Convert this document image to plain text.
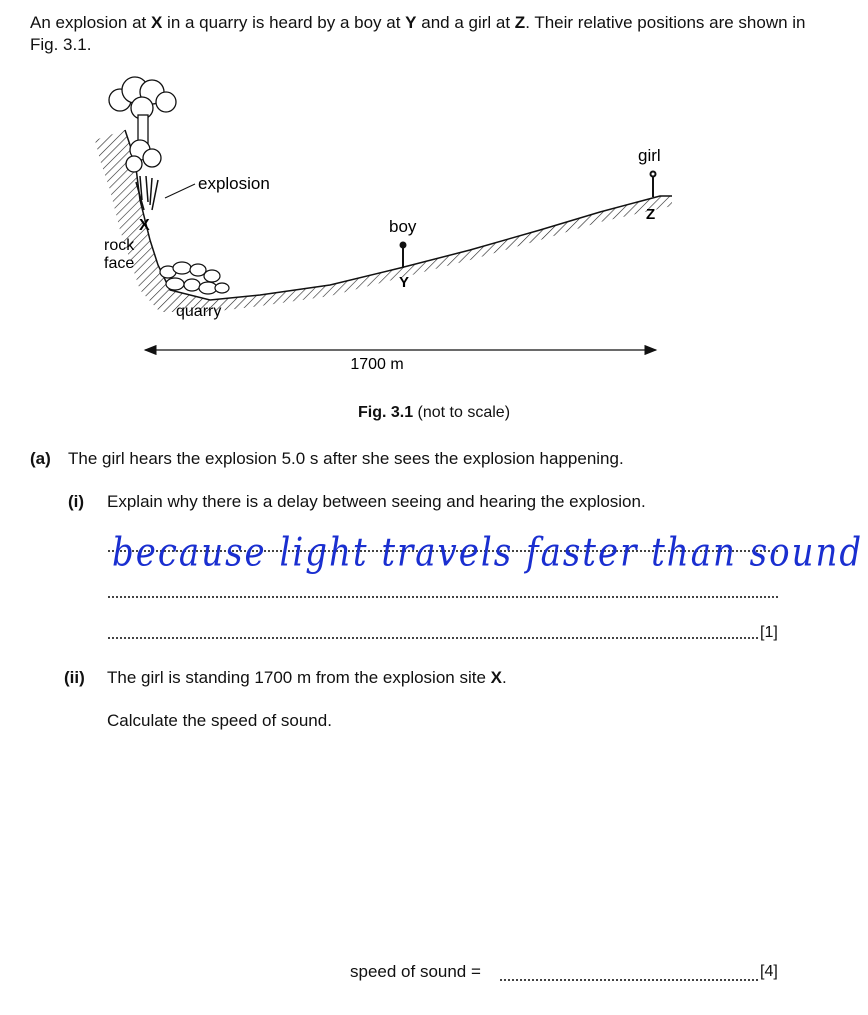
An explosion at X in a quarry is heard by a boy at Y and a girl at Z. Their relative positions are shown in Fig. 3.1.
explosion
X
rock
face
quarry
boy
Y
girl
Z
1700 m
Fig. 3.1 (not to scale)
(a) The girl hears the explosion 5.0 s after she sees the explosion happening.
(i) Explain why there is a delay between seeing and hearing the explosion.
[1]
because light travels faster than sound
(ii) The girl is standing 1700 m from the explosion site X.
Calculate the speed of sound.
speed of sound =	[4]
